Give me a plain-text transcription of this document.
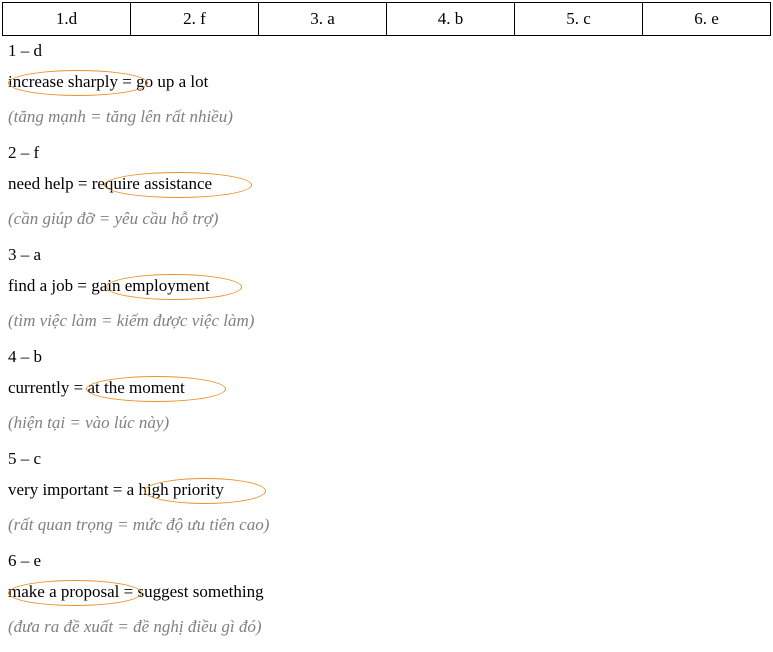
1.d	2. f	3. a	4. b	5. c	6. e
1 – d
increase sharply = go up a lot
(tăng mạnh = tăng lên rất nhiều)
2 – f
need help = require assistance
(cần giúp đỡ = yêu cầu hỗ trợ)
3 – a
find a job = gain employment
(tìm việc làm = kiếm được việc làm)
4 – b
currently = at the moment
(hiện tại = vào lúc này)
5 – c
very important = a high priority
(rất quan trọng = mức độ ưu tiên cao)
6 – e
make a proposal = suggest something
(đưa ra đề xuất = đề nghị điều gì đó)
